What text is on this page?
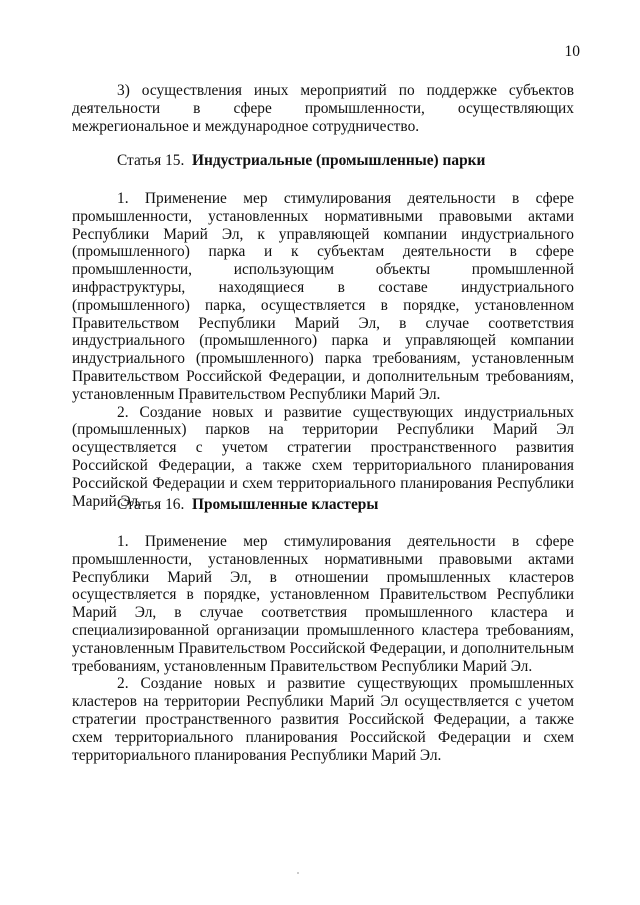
10

3) осуществления иных мероприятий по поддержке субъектов деятельности в сфере промышленности, осуществляющих межрегиональное и международное сотрудничество.

Статья 15. Индустриальные (промышленные) парки

1. Применение мер стимулирования деятельности в сфере промышленности, установленных нормативными правовыми актами Республики Марий Эл, к управляющей компании индустриального (промышленного) парка и к субъектам деятельности в сфере промышленности, использующим объекты промышленной инфраструктуры, находящиеся в составе индустриального (промышленного) парка, осуществляется в порядке, установленном Правительством Республики Марий Эл, в случае соответствия индустриального (промышленного) парка и управляющей компании индустриального (промышленного) парка требованиям, установленным Правительством Российской Федерации, и дополнительным требованиям, установленным Правительством Республики Марий Эл.

2. Создание новых и развитие существующих индустриальных (промышленных) парков на территории Республики Марий Эл осуществляется с учетом стратегии пространственного развития Российской Федерации, а также схем территориального планирования Российской Федерации и схем территориального планирования Республики Марий Эл.

Статья 16. Промышленные кластеры

1. Применение мер стимулирования деятельности в сфере промышленности, установленных нормативными правовыми актами Республики Марий Эл, в отношении промышленных кластеров осуществляется в порядке, установленном Правительством Республики Марий Эл, в случае соответствия промышленного кластера и специализированной организации промышленного кластера требованиям, установленным Правительством Российской Федерации, и дополнительным требованиям, установленным Правительством Республики Марий Эл.

2. Создание новых и развитие существующих промышленных кластеров на территории Республики Марий Эл осуществляется с учетом стратегии пространственного развития Российской Федерации, а также схем территориального планирования Российской Федерации и схем территориального планирования Республики Марий Эл.
